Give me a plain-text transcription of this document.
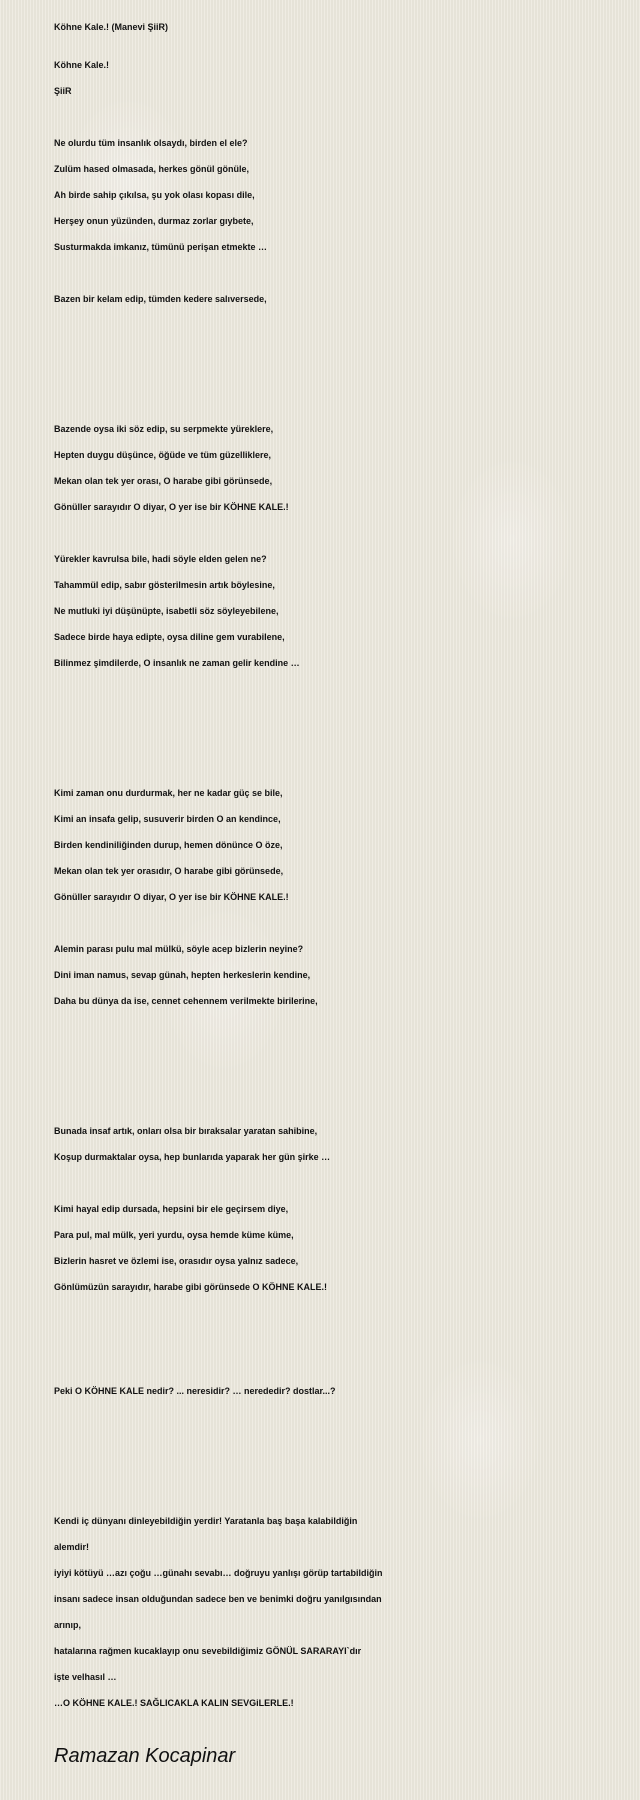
Köhne Kale.! (Manevi ŞiiR)
Köhne Kale.!
ŞiiR
Ne olurdu tüm insanlık olsaydı, birden el ele?
Zulüm hased olmasada, herkes gönül gönüle,
Ah birde sahip çıkılsa, şu yok olası kopası dile,
Herşey onun yüzünden, durmaz zorlar gıybete,
Susturmakda imkanız, tümünü perişan etmekte …
Bazen bir kelam edip, tümden kedere salıversede,
Bazende oysa iki söz edip, su serpmekte yüreklere,
Hepten duygu düşünce, öğüde ve tüm güzelliklere,
Mekan olan tek yer orası, O harabe gibi görünsede,
Gönüller sarayıdır O diyar, O yer ise bir KÖHNE KALE.!
Yürekler kavrulsa bile, hadi söyle elden gelen ne?
Tahammül edip, sabır gösterilmesin artık böylesine,
Ne mutluki iyi düşünüpte, isabetli söz söyleyebilene,
Sadece birde haya edipte, oysa diline gem vurabilene,
Bilinmez şimdilerde, O insanlık ne zaman gelir kendine …
Kimi zaman onu durdurmak, her ne kadar güç se bile,
Kimi an insafa gelip, susuverir birden O an kendince,
Birden kendiniliğinden durup, hemen dönünce O öze,
Mekan olan tek yer orasıdır, O harabe gibi görünsede,
Gönüller sarayıdır O diyar, O yer ise bir KÖHNE KALE.!
Alemin parası pulu mal mülkü, söyle acep bizlerin neyine?
Dini iman namus, sevap günah, hepten herkeslerin kendine,
Daha bu dünya da ise, cennet cehennem verilmekte birilerine,
Bunada insaf artık, onları olsa bir bıraksalar yaratan sahibine,
Koşup durmaktalar oysa, hep bunlarıda yaparak her gün şirke …
Kimi hayal edip dursada, hepsini bir ele geçirsem diye,
Para pul, mal mülk, yeri yurdu, oysa hemde küme küme,
Bizlerin hasret ve özlemi ise, orasıdır oysa yalnız sadece,
Gönlümüzün sarayıdır, harabe gibi görünsede O KÖHNE KALE.!
Peki O KÖHNE KALE nedir? ... neresidir? … nerededir? dostlar...?
Kendi iç dünyanı dinleyebildiğin yerdir! Yaratanla baş başa kalabildiğin
alemdir!
iyiyi kötüyü …azı çoğu …günahı sevabı… doğruyu yanlışı görüp tartabildiğin
insanı sadece insan olduğundan sadece ben ve benimki doğru yanılgısından
arınıp,
hatalarına rağmen kucaklayıp onu sevebildiğimiz GÖNÜL SARARAYI`dır
işte velhasıl …
…O KÖHNE KALE.! SAĞLICAKLA KALIN SEVGiLERLE.!
Ramazan Kocapinar
